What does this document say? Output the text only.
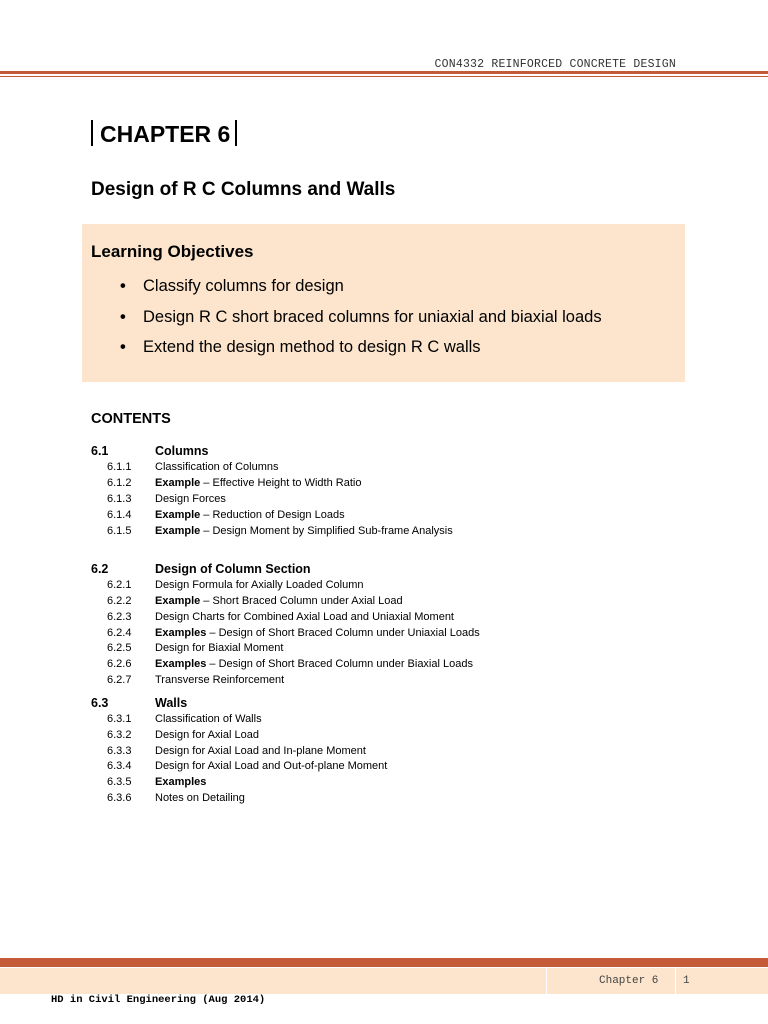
CON4332 REINFORCED CONCRETE DESIGN
CHAPTER 6
Design of R C Columns and Walls
Learning Objectives
• Classify columns for design
• Design R C short braced columns for uniaxial and biaxial loads
• Extend the design method to design R C walls
CONTENTS
6.1	Columns
6.1.1 Classification of Columns
6.1.2 Example – Effective Height to Width Ratio
6.1.3 Design Forces
6.1.4 Example – Reduction of Design Loads
6.1.5 Example – Design Moment by Simplified Sub-frame Analysis
6.2	Design of Column Section
6.2.1 Design Formula for Axially Loaded Column
6.2.2 Example – Short Braced Column under Axial Load
6.2.3 Design Charts for Combined Axial Load and Uniaxial Moment
6.2.4 Examples – Design of Short Braced Column under Uniaxial Loads
6.2.5 Design for Biaxial Moment
6.2.6 Examples – Design of Short Braced Column under Biaxial Loads
6.2.7 Transverse Reinforcement
6.3	Walls
6.3.1 Classification of Walls
6.3.2 Design for Axial Load
6.3.3 Design for Axial Load and In-plane Moment
6.3.4 Design for Axial Load and Out-of-plane Moment
6.3.5 Examples
6.3.6 Notes on Detailing
Chapter 6 1
HD in Civil Engineering (Aug 2014)
